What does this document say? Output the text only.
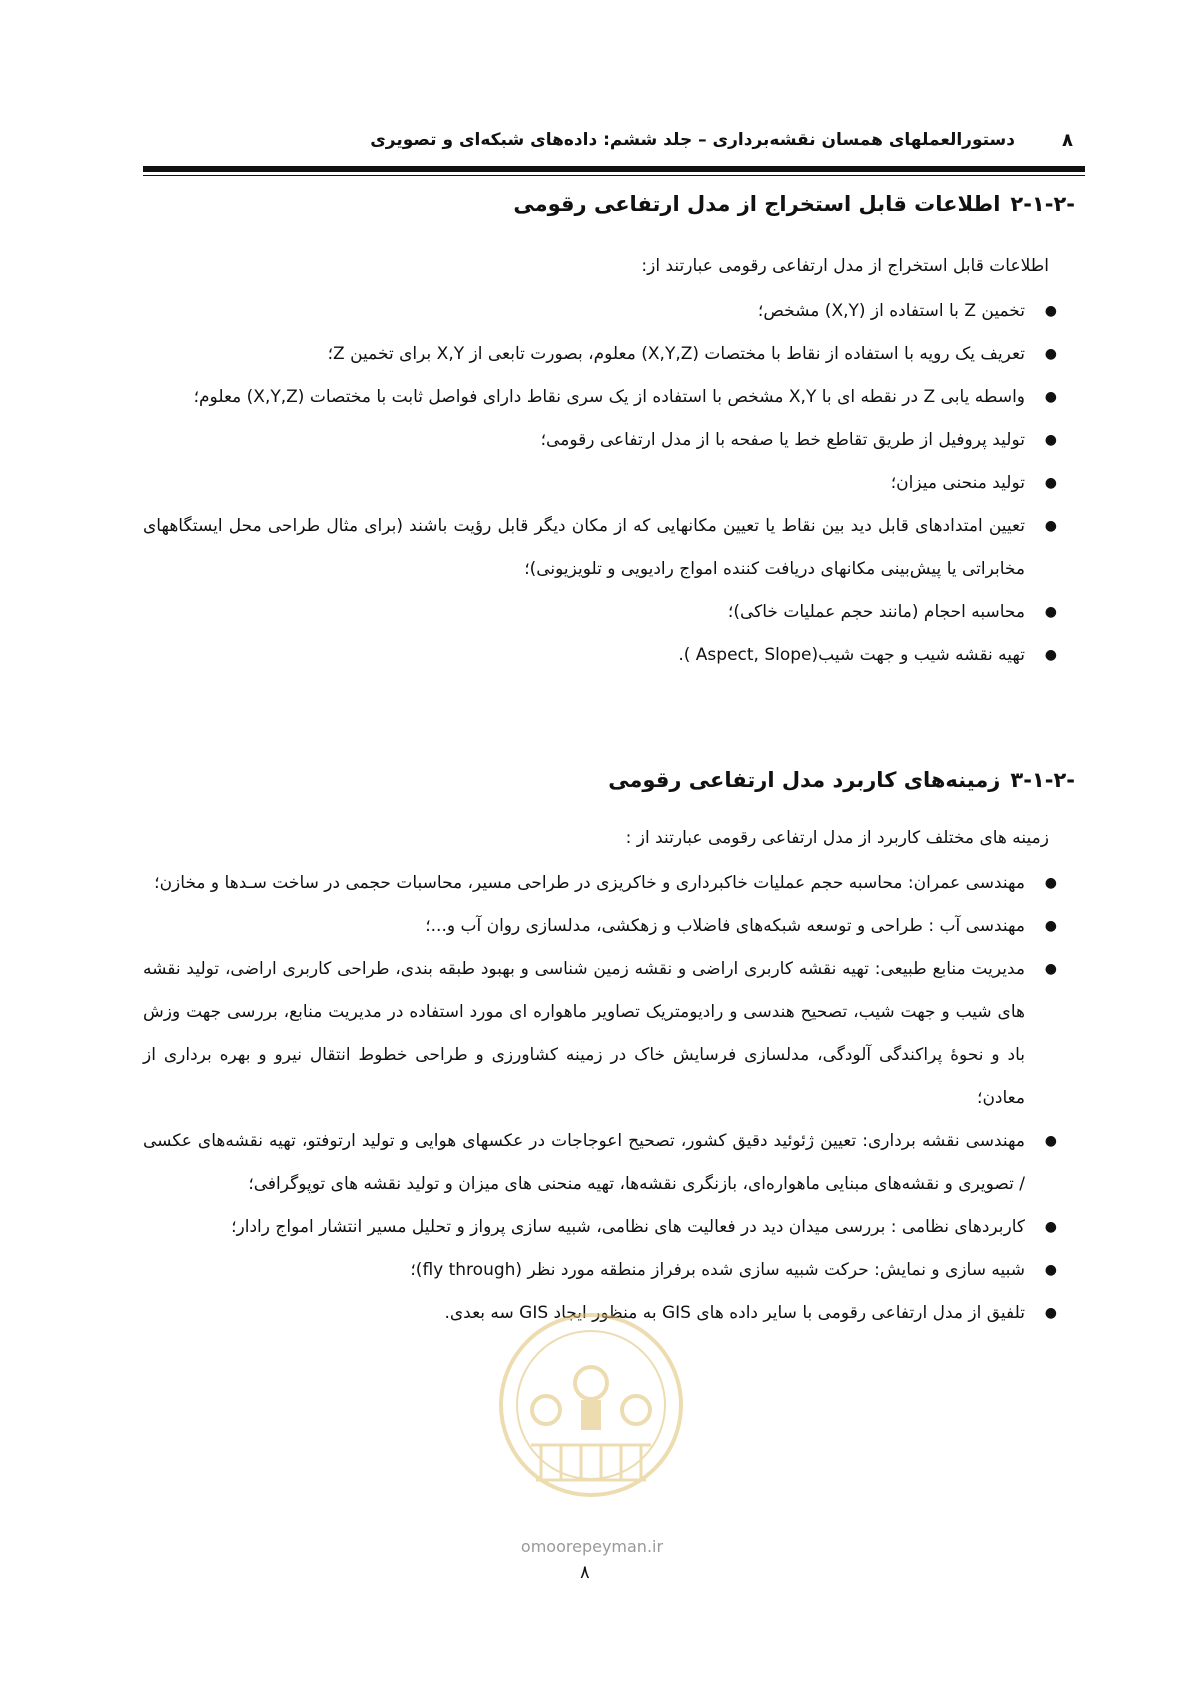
۸
دستورالعملهای همسان نقشه‌برداری – جلد ششم: داده‌های شبکه‌ای و تصویری
-۲-۱-۲اطلاعات قابل استخراج از مدل ارتفاعی رقومی
اطلاعات قابل استخراج از مدل ارتفاعی رقومی عبارتند از:
●
تخمین Z با استفاده از (X,Y) مشخص؛
●
تعریف یک رویه با استفاده از نقاط با مختصات (X,Y,Z) معلوم، بصورت تابعی از X,Y برای تخمین Z؛
●
واسطه یابی Z در نقطه ای با X,Y مشخص با استفاده از یک سری نقاط دارای فواصل ثابت با مختصات (X,Y,Z) معلوم؛
●
تولید پروفیل از طریق تقاطع خط یا صفحه با از مدل ارتفاعی رقومی؛
●
تولید منحنی میزان؛
●
تعیین امتدادهای قابل دید بین نقاط یا تعیین مکانهایی که از مکان دیگر قابل رؤیت باشند (برای مثال طراحی محل ایستگاههای مخابراتی یا پیش‌بینی مکانهای دریافت کننده امواج رادیویی و تلویزیونی)؛
●
محاسبه احجام (مانند حجم عملیات خاکی)؛
●
تهیه نقشه شیب و جهت شیب(Aspect, Slope ).
-۳-۱-۲زمینه‌های کاربرد مدل ارتفاعی رقومی
زمینه های مختلف کاربرد از مدل ارتفاعی رقومی عبارتند از :
●
مهندسی عمران: محاسبه حجم عملیات خاکبرداری و خاکریزی در طراحی مسیر، محاسبات حجمی در ساخت سـدها و مخازن؛
●
مهندسی آب : طراحی و توسعه شبکه‌های فاضلاب و زهکشی، مدلسازی روان آب و...؛
●
مدیریت منابع طبیعی: تهیه نقشه کاربری اراضی و نقشه زمین شناسی و بهبود طبقه بندی، طراحی کاربری اراضی، تولید نقشه های شیب و جهت شیب، تصحیح هندسی و رادیومتریک تصاویر ماهواره ای مورد استفاده در مدیریت منابع، بررسی جهت وزش باد و نحوۀ پراکندگی آلودگی، مدلسازی فرسایش خاک در زمینه کشاورزی و طراحی خطوط انتقال نیرو و بهره برداری از معادن؛
●
مهندسی نقشه برداری: تعیین ژئوئید دقیق کشور، تصحیح اعوجاجات در عکسهای هوایی و تولید ارتوفتو، تهیه نقشه‌های عکسی / تصویری و نقشه‌های مبنایی ماهواره‌ای، بازنگری نقشه‌ها، تهیه منحنی های میزان و تولید نقشه های توپوگرافی؛
●
کاربردهای نظامی : بررسی میدان دید در فعالیت های نظامی، شبیه سازی پرواز و تحلیل مسیر انتشار امواج رادار؛
●
شبیه سازی و نمایش: حرکت شبیه سازی شده برفراز منطقه مورد نظر (fly through)؛
●
تلفیق از مدل ارتفاعی رقومی با سایر داده های GIS به منظور ایجاد GIS سه بعدی.
omoorepeyman.ir
۸
